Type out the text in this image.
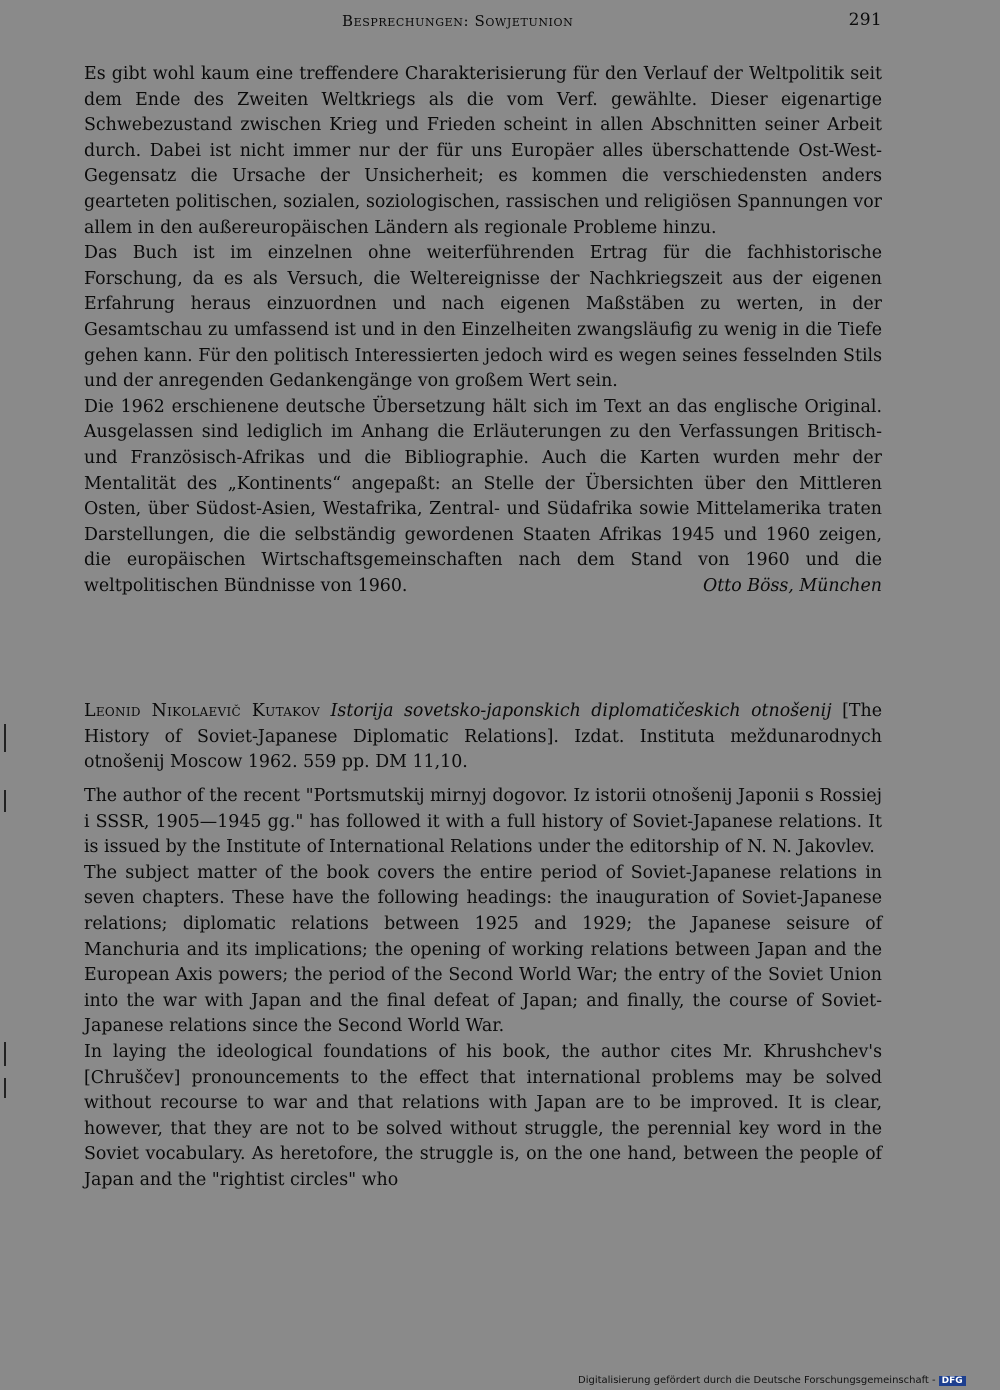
Besprechungen: Sowjetunion	291

Es gibt wohl kaum eine treffendere Charakterisierung für den Verlauf der Weltpolitik seit dem Ende des Zweiten Weltkriegs als die vom Verf. gewählte. Dieser eigenartige Schwebezustand zwischen Krieg und Frieden scheint in allen Abschnitten seiner Arbeit durch. Dabei ist nicht immer nur der für uns Europäer alles überschattende Ost-West-Gegensatz die Ursache der Unsicherheit; es kommen die verschiedensten anders gearteten politischen, sozialen, soziologischen, rassischen und religiösen Spannungen vor allem in den außereuropäischen Ländern als regionale Probleme hinzu.

Das Buch ist im einzelnen ohne weiterführenden Ertrag für die fachhistorische Forschung, da es als Versuch, die Weltereignisse der Nachkriegszeit aus der eigenen Erfahrung heraus einzuordnen und nach eigenen Maßstäben zu werten, in der Gesamtschau zu umfassend ist und in den Einzelheiten zwangsläufig zu wenig in die Tiefe gehen kann. Für den politisch Interessierten jedoch wird es wegen seines fesselnden Stils und der anregenden Gedankengänge von großem Wert sein.

Die 1962 erschienene deutsche Übersetzung hält sich im Text an das englische Original. Ausgelassen sind lediglich im Anhang die Erläuterungen zu den Verfassungen Britisch- und Französisch-Afrikas und die Bibliographie. Auch die Karten wurden mehr der Mentalität des „Kontinents“ angepaßt: an Stelle der Übersichten über den Mittleren Osten, über Südost-Asien, Westafrika, Zentral- und Südafrika sowie Mittelamerika traten Darstellungen, die die selbständig gewordenen Staaten Afrikas 1945 und 1960 zeigen, die europäischen Wirtschaftsgemeinschaften nach dem Stand von 1960 und die weltpolitischen Bündnisse von 1960.	Otto Böss, München

Leonid Nikolaevič Kutakov Istorija sovetsko-japonskich diplomatičeskich otnošenij [The History of Soviet-Japanese Diplomatic Relations]. Izdat. Instituta meždunarodnych otnošenij Moscow 1962. 559 pp. DM 11,10.

The author of the recent "Portsmutskij mirnyj dogovor. Iz istorii otnošenij Japonii s Rossiej i SSSR, 1905—1945 gg." has followed it with a full history of Soviet-Japanese relations. It is issued by the Institute of International Relations under the editorship of N. N. Jakovlev.

The subject matter of the book covers the entire period of Soviet-Japanese relations in seven chapters. These have the following headings: the inauguration of Soviet-Japanese relations; diplomatic relations between 1925 and 1929; the Japanese seisure of Manchuria and its implications; the opening of working relations between Japan and the European Axis powers; the period of the Second World War; the entry of the Soviet Union into the war with Japan and the final defeat of Japan; and finally, the course of Soviet-Japanese relations since the Second World War.

In laying the ideological foundations of his book, the author cites Mr. Khrushchev's [Chruščev] pronouncements to the effect that international problems may be solved without recourse to war and that relations with Japan are to be improved. It is clear, however, that they are not to be solved without struggle, the perennial key word in the Soviet vocabulary. As heretofore, the struggle is, on the one hand, between the people of Japan and the "rightist circles" who

Digitalisierung gefördert durch die Deutsche Forschungsgemeinschaft - DFG
